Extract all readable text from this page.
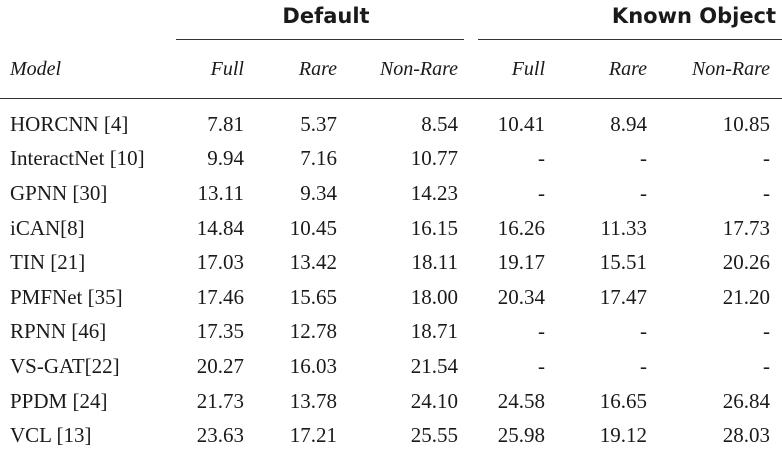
	Default			Known Object		

Model	Full	Rare	Non-Rare	Full	Rare	Non-Rare
HORCNN [4]	7.81	5.37	8.54	10.41	8.94	10.85
InteractNet [10]	9.94	7.16	10.77	-	-	-
GPNN [30]	13.11	9.34	14.23	-	-	-
iCAN[8]	14.84	10.45	16.15	16.26	11.33	17.73
TIN [21]	17.03	13.42	18.11	19.17	15.51	20.26
PMFNet [35]	17.46	15.65	18.00	20.34	17.47	21.20
RPNN [46]	17.35	12.78	18.71	-	-	-
VS-GAT[22]	20.27	16.03	21.54	-	-	-
PPDM [24]	21.73	13.78	24.10	24.58	16.65	26.84
VCL [13]	23.63	17.21	25.55	25.98	19.12	28.03
